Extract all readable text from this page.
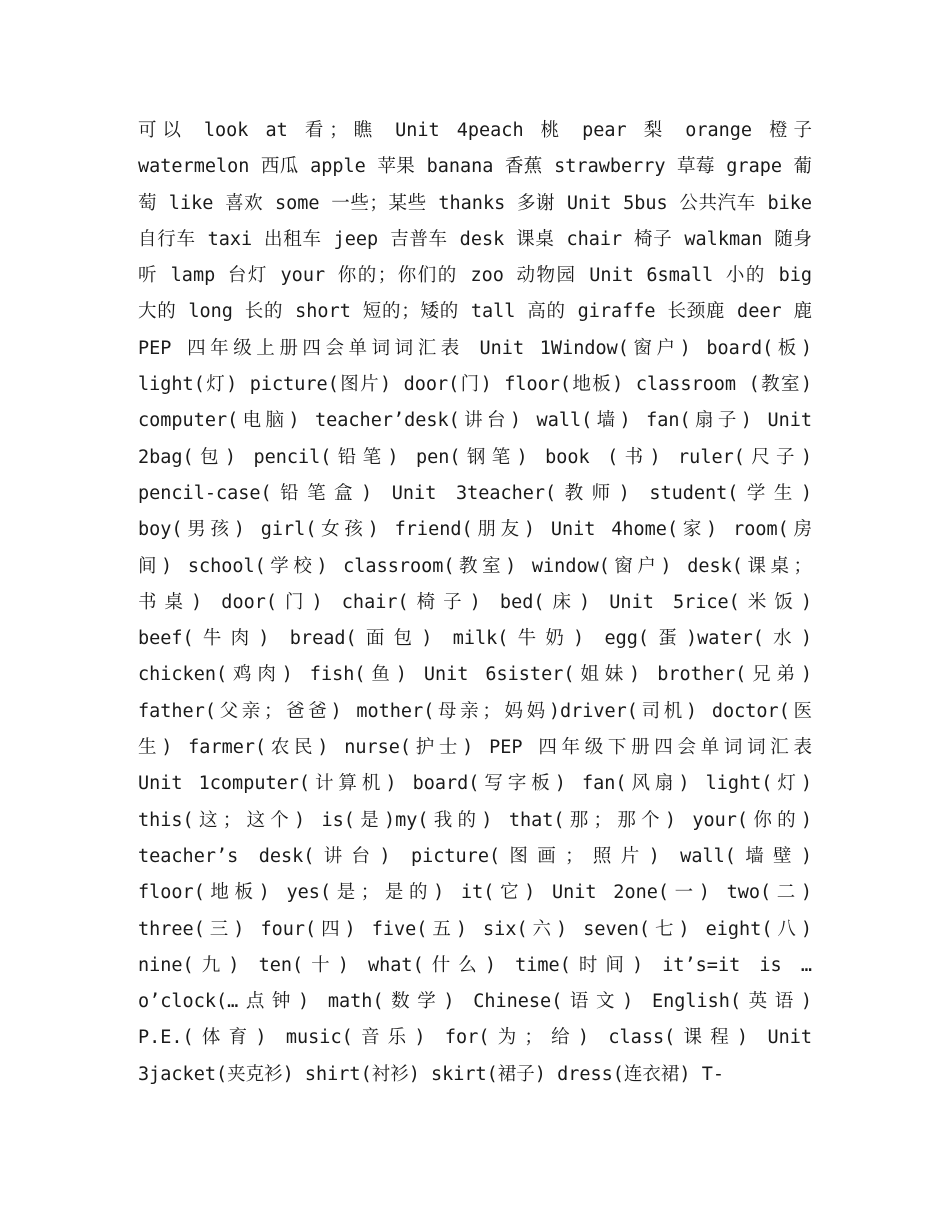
可以 look at 看；瞧 Unit 4peach 桃 pear 梨 orange 橙子
watermelon 西瓜 apple 苹果 banana 香蕉 strawberry 草莓 grape 葡
萄 like 喜欢 some 一些；某些 thanks 多谢 Unit 5bus 公共汽车 bike
自行车 taxi 出租车 jeep 吉普车 desk 课桌 chair 椅子 walkman 随身
听 lamp 台灯 your 你的；你们的 zoo 动物园 Unit 6small 小的 big
大的 long 长的 short 短的；矮的 tall 高的 giraffe 长颈鹿 deer 鹿
PEP 四年级上册四会单词词汇表 Unit 1Window(窗户) board(板)
light(灯) picture(图片) door(门) floor(地板) classroom (教室)
computer(电脑) teacher’desk(讲台) wall(墙) fan(扇子) Unit
2bag(包) pencil(铅笔) pen(钢笔) book (书) ruler(尺子)
pencil-case(铅笔盒) Unit 3teacher(教师) student(学生)
boy(男孩) girl(女孩) friend(朋友) Unit 4home(家) room(房
间) school(学校) classroom(教室) window(窗户) desk(课桌；
书桌) door(门) chair(椅子) bed(床) Unit 5rice(米饭)
beef(牛肉) bread(面包) milk(牛奶) egg(蛋)water(水)
chicken(鸡肉) fish(鱼) Unit 6sister(姐妹) brother(兄弟)
father(父亲；爸爸) mother(母亲；妈妈)driver(司机) doctor(医
生) farmer(农民) nurse(护士) PEP 四年级下册四会单词词汇表
Unit 1computer(计算机) board(写字板) fan(风扇) light(灯)
this(这；这个) is(是)my(我的) that(那；那个) your(你的)
teacher’s desk(讲台) picture(图画；照片) wall(墙壁)
floor(地板) yes(是；是的) it(它) Unit 2one(一) two(二)
three(三) four(四) five(五) six(六) seven(七) eight(八)
nine(九) ten(十) what(什么) time(时间) it’s=it is …
o’clock(…点钟) math(数学) Chinese(语文) English(英语)
P.E.(体育) music(音乐) for(为；给) class(课程) Unit
3jacket(夹克衫) shirt(衬衫) skirt(裙子) dress(连衣裙) T-
